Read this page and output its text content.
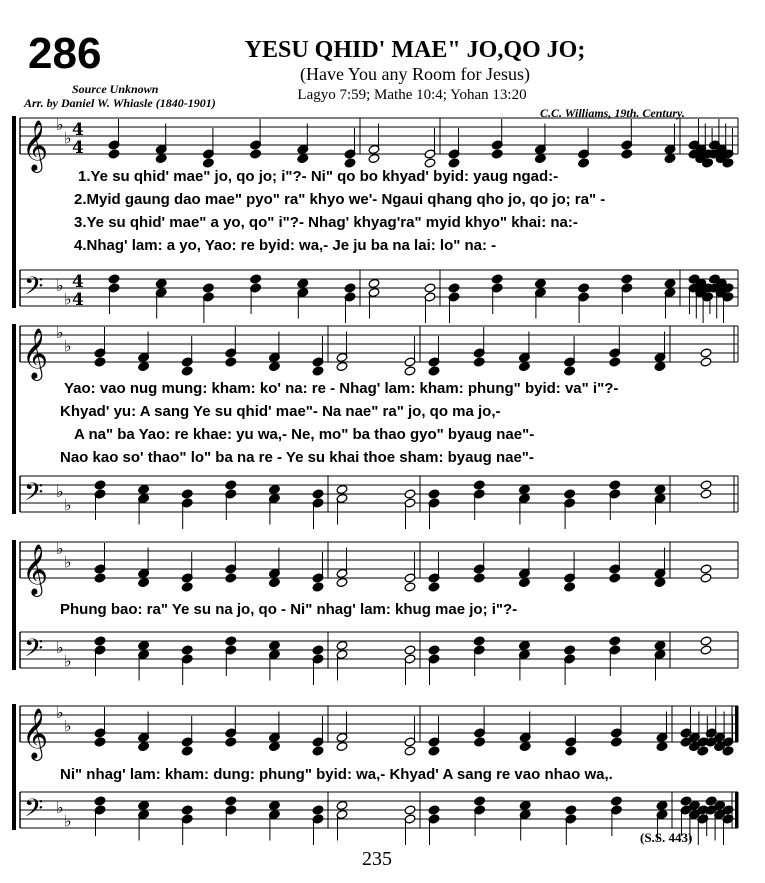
286	YESU QHID' MAE" JO,QO JO;
(Have You any Room for Jesus)
Lagyo 7:59; Mathe 10:4; Yohan 13:20
Source Unknown
Arr. by Daniel W. Whiasle (1840-1901)
C.C. Williams, 19th. Century.
𝄞 ♭
♭ 4
4
𝄢 ♭
♭
4
4
𝄞 ♭
♭
𝄢 ♭
♭
𝄞 ♭
♭
𝄢 ♭
♭
𝄞 ♭
♭
𝄢 ♭
♭
1.Ye su qhid' mae" jo, qo jo; i"?- Ni" qo bo khyad' byid: yaug ngad:-
2.Myid gaung dao mae" pyo" ra" khyo we'- Ngaui qhang qho jo, qo jo; ra" -
3.Ye su qhid' mae" a yo, qo" i"?- Nhag' khyag'ra" myid khyo" khai: na:-
4.Nhag' lam: a yo, Yao: re byid: wa,- Je ju ba na lai: lo" na: -
Yao: vao nug mung: kham: ko' na: re - Nhag' lam: kham: phung" byid: va" i"?-
Khyad' yu: A sang Ye su qhid' mae"- Na nae" ra" jo, qo ma jo,-
A na" ba Yao: re khae: yu wa,- Ne, mo" ba thao gyo" byaug nae"-
Nao kao so' thao" lo" ba na re - Ye su khai thoe sham: byaug nae"-
Phung bao: ra" Ye su na jo, qo - Ni" nhag' lam: khug mae jo; i"?-
Ni" nhag' lam: kham: dung: phung" byid: wa,- Khyad' A sang re vao nhao wa,.
(S.S. 443)
235
